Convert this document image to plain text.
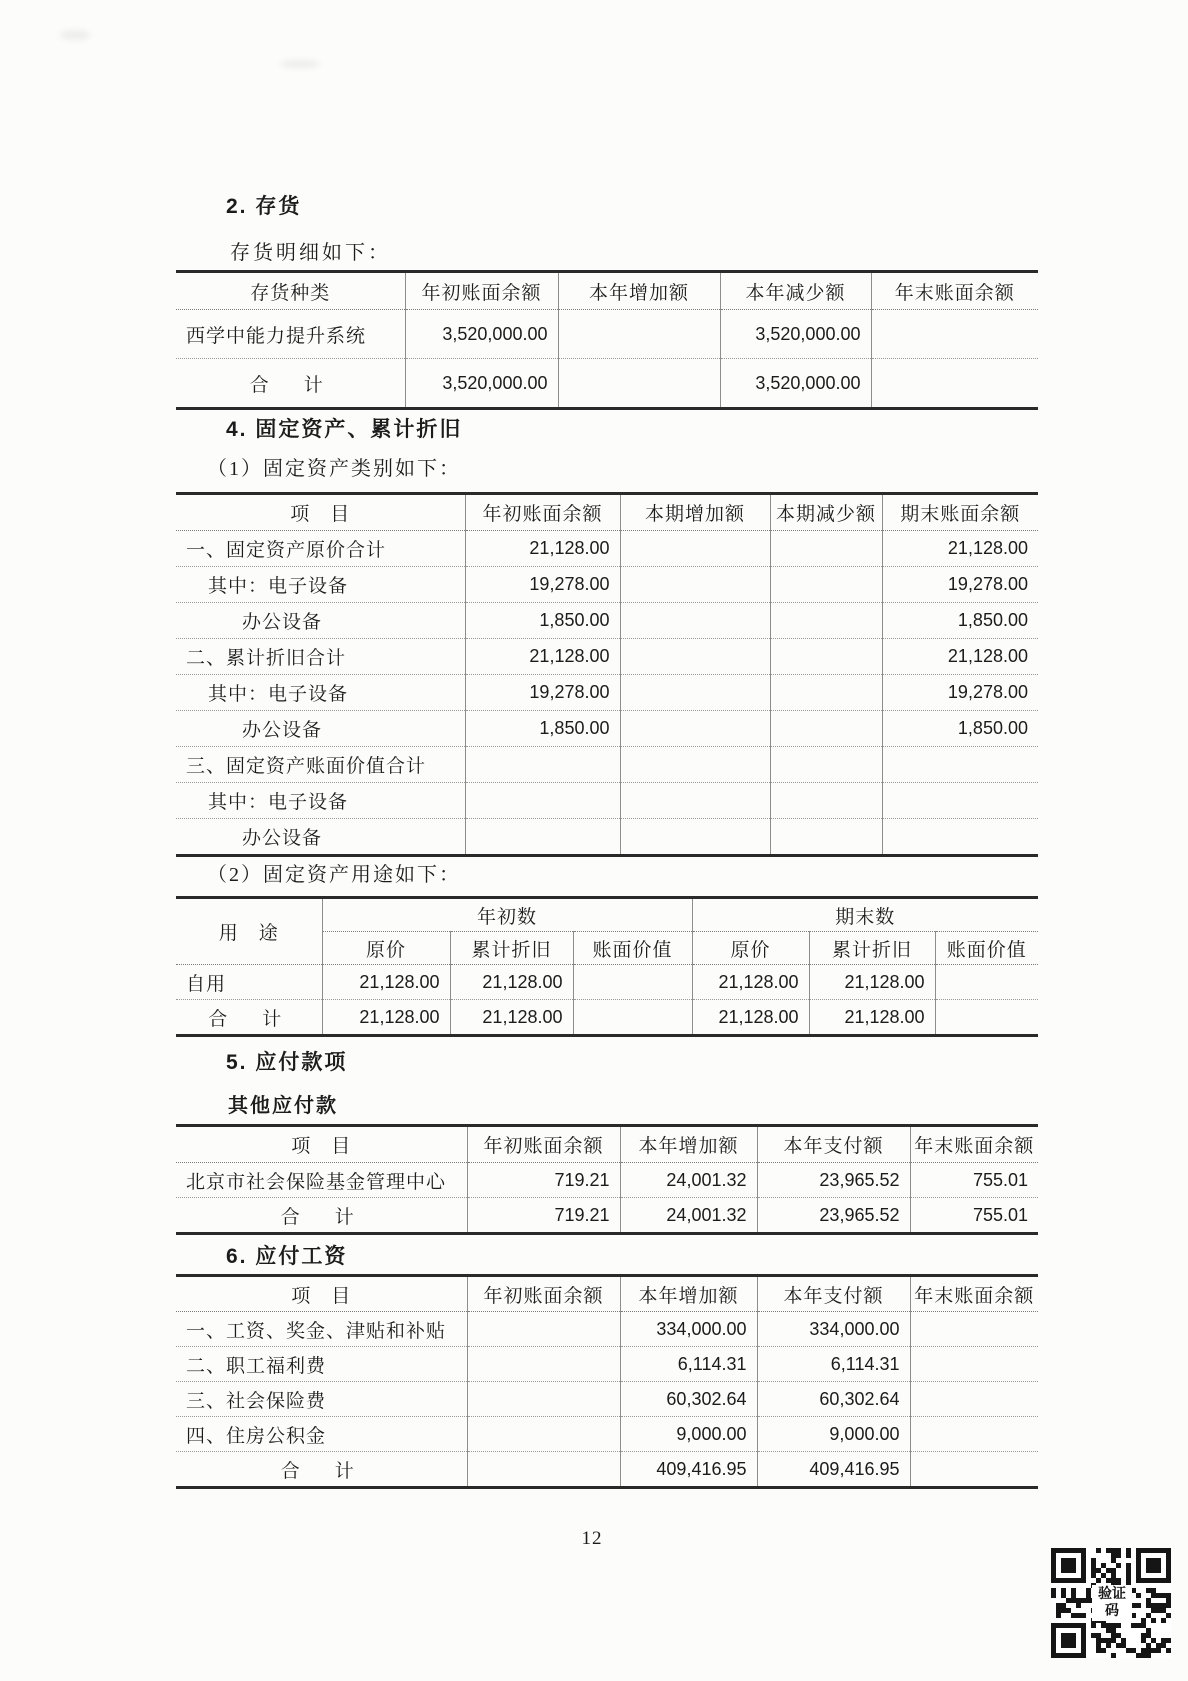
2. 存货

存货明细如下：

存货种类	年初账面余额	本年增加额	本年减少额	年末账面余额
西学中能力提升系统	3,520,000.00		3,520,000.00	
合　计	3,520,000.00		3,520,000.00	
4. 固定资产、累计折旧

（1）固定资产类别如下：

项　目	年初账面余额	本期增加额	本期减少额	期末账面余额
一、固定资产原价合计	21,128.00			21,128.00
其中：电子设备	19,278.00			19,278.00
办公设备	1,850.00			1,850.00
二、累计折旧合计	21,128.00			21,128.00
其中：电子设备	19,278.00			19,278.00
办公设备	1,850.00			1,850.00
三、固定资产账面价值合计				
其中：电子设备				
办公设备				

（2）固定资产用途如下：

用　途	年初数			期末数		
	原价	累计折旧	账面价值	原价	累计折旧	账面价值
自用	21,128.00	21,128.00		21,128.00	21,128.00	
合　计	21,128.00	21,128.00		21,128.00	21,128.00	
5. 应付款项

其他应付款

项　目	年初账面余额	本年增加额	本年支付额	年末账面余额
北京市社会保险基金管理中心	719.21	24,001.32	23,965.52	755.01
合　计	719.21	24,001.32	23,965.52	755.01
6. 应付工资
项　目	年初账面余额	本年增加额	本年支付额	年末账面余额
一、工资、奖金、津贴和补贴		334,000.00	334,000.00	
二、职工福利费		6,114.31	6,114.31	
三、社会保险费		60,302.64	60,302.64	
四、住房公积金		9,000.00	9,000.00	
合　计		409,416.95	409,416.95	
12
验证码
